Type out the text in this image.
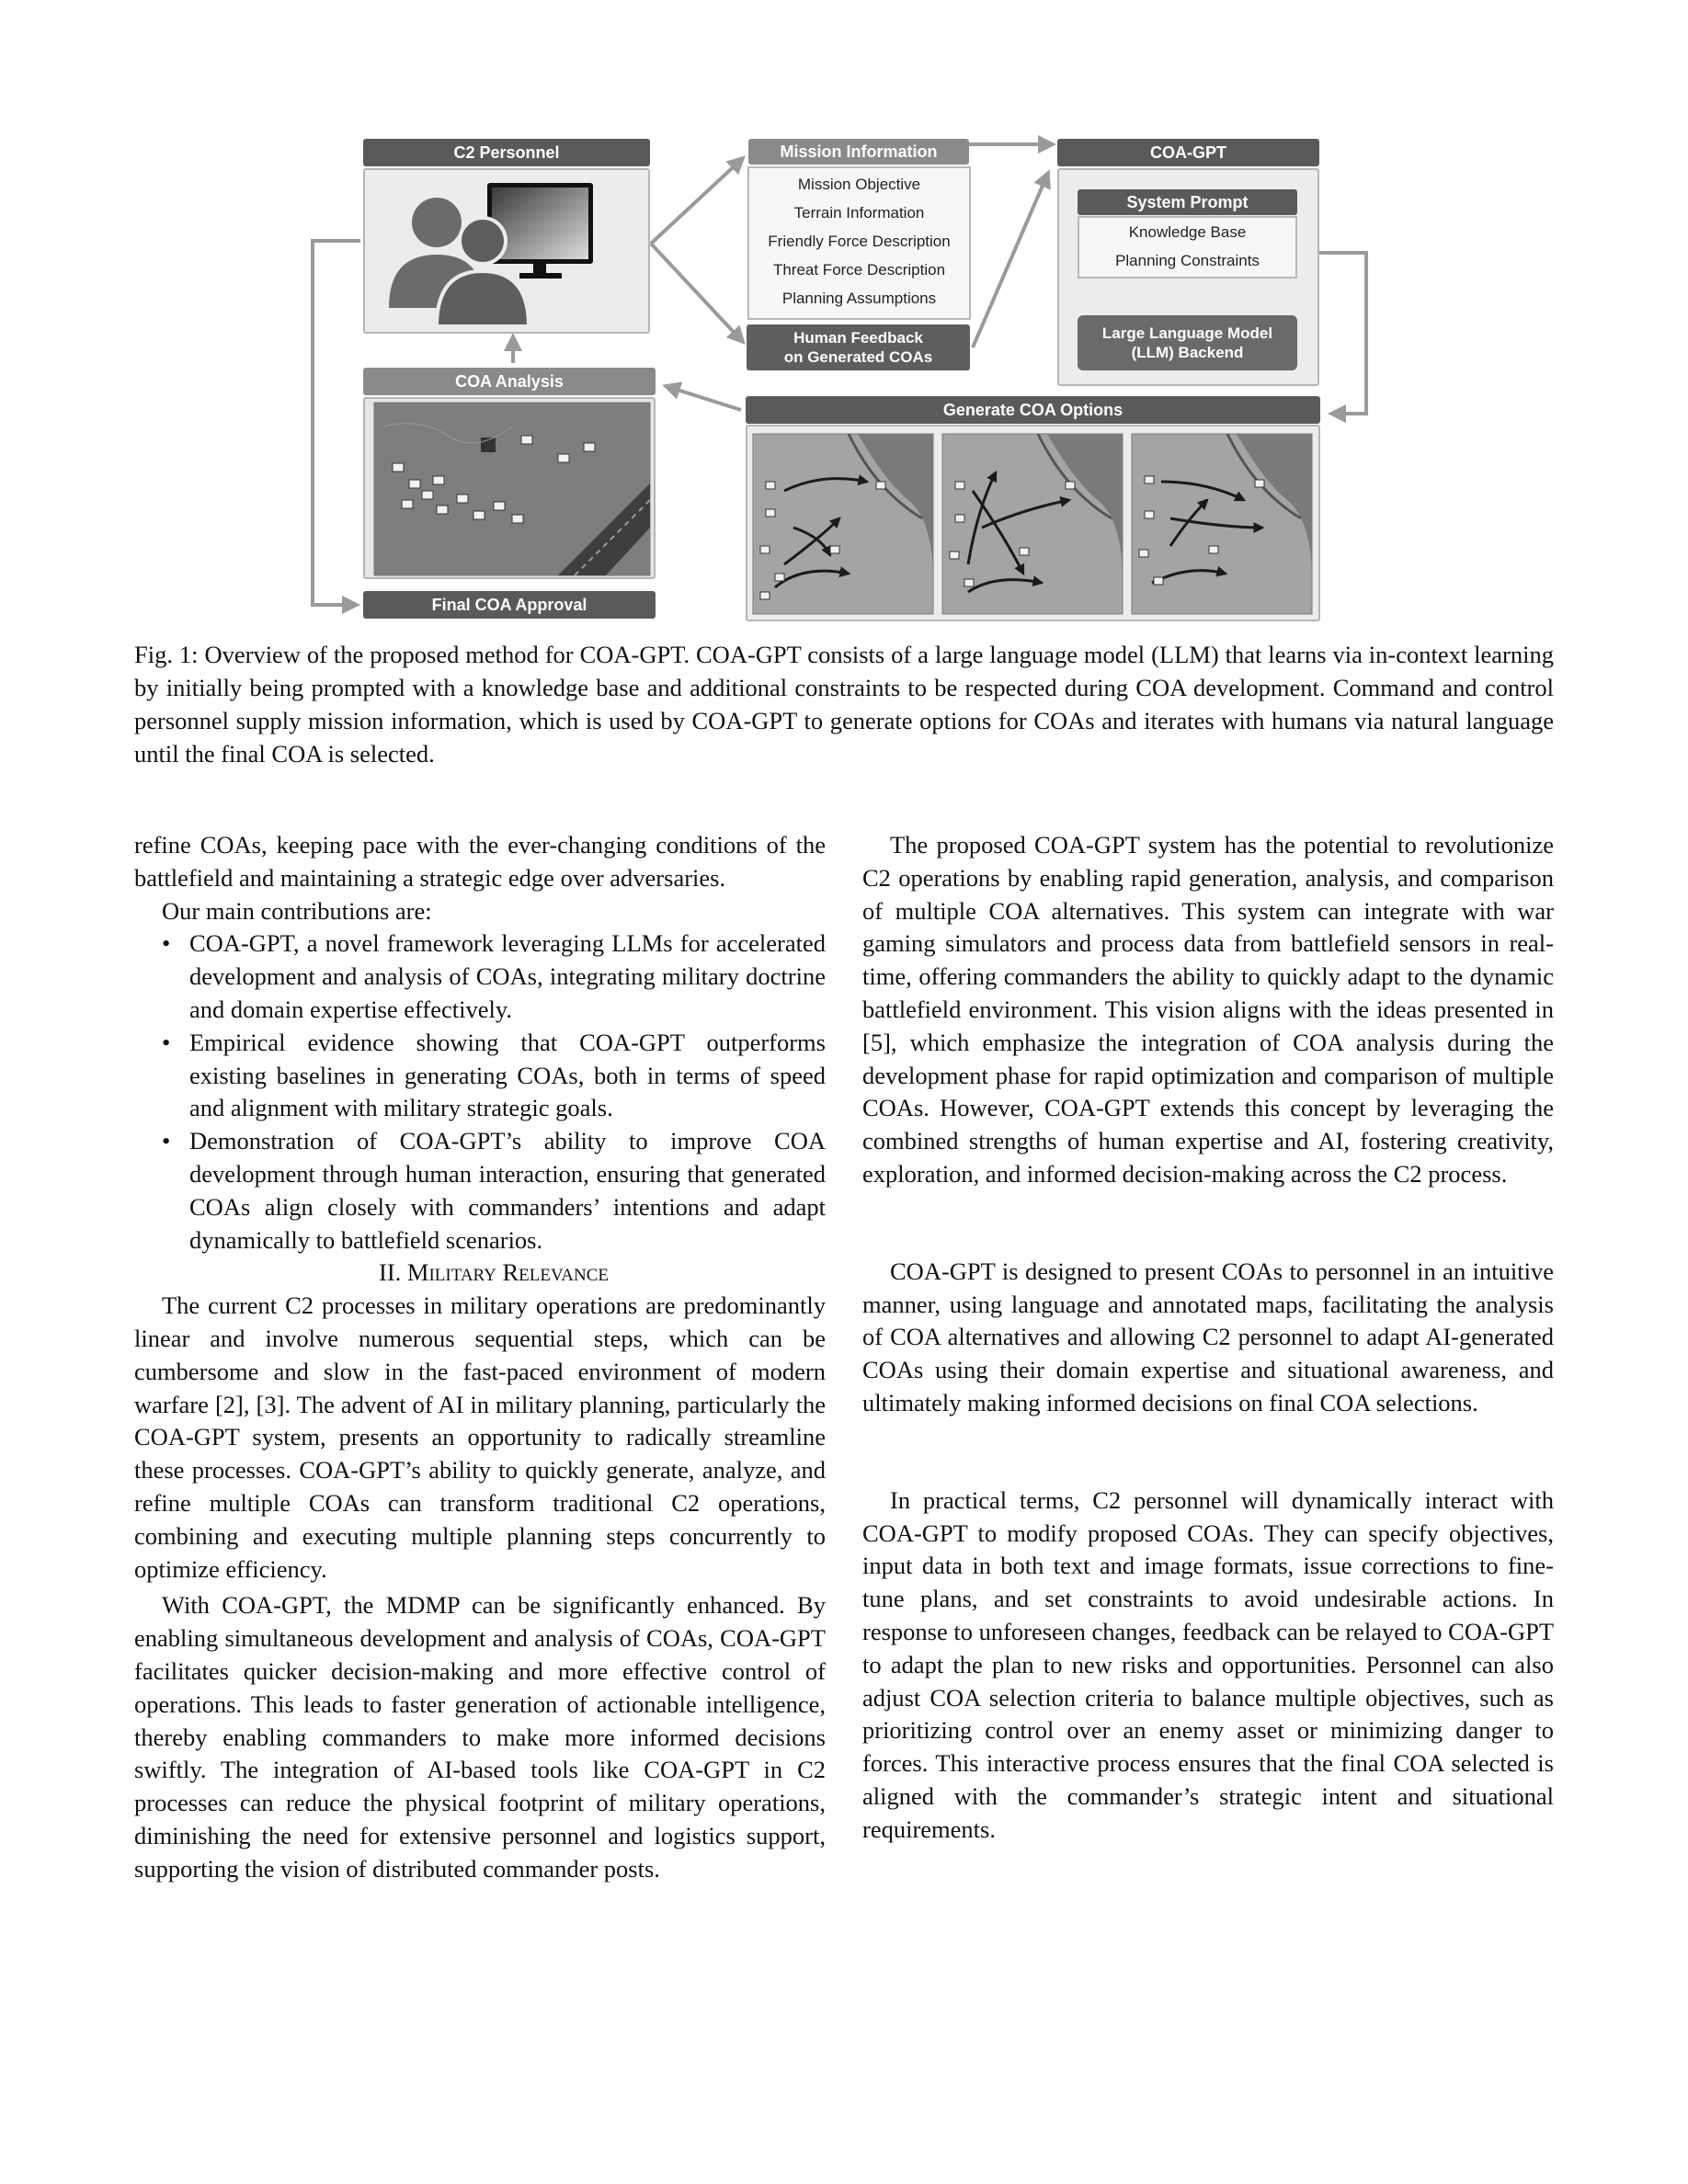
C2 Personnel	Mission Information
Mission Objective
Terrain Information
Friendly Force Description
Threat Force Description
Planning Assumptions
Human Feedback
on Generated COAs
COA-GPT
System Prompt
Knowledge Base
Planning Constraints
Large Language Model
(LLM) Backend
COA Analysis
Final COA Approval
Generate COA Options

Fig. 1: Overview of the proposed method for COA-GPT. COA-GPT consists of a large language model (LLM) that learns via in-context learning by initially being prompted with a knowledge base and additional constraints to be respected during COA development. Command and control personnel supply mission information, which is used by COA-GPT to generate options for COAs and iterates with humans via natural language until the final COA is selected.

refine COAs, keeping pace with the ever-changing conditions of the battlefield and maintaining a strategic edge over adversaries.

Our main contributions are:

• COA-GPT, a novel framework leveraging LLMs for accelerated development and analysis of COAs, integrating military doctrine and domain expertise effectively.
• Empirical evidence showing that COA-GPT outperforms existing baselines in generating COAs, both in terms of speed and alignment with military strategic goals.
• Demonstration of COA-GPT’s ability to improve COA development through human interaction, ensuring that generated COAs align closely with commanders’ intentions and adapt dynamically to battlefield scenarios.

II. Military Relevance

The current C2 processes in military operations are predominantly linear and involve numerous sequential steps, which can be cumbersome and slow in the fast-paced environment of modern warfare [2], [3]. The advent of AI in military planning, particularly the COA-GPT system, presents an opportunity to radically streamline these processes. COA-GPT’s ability to quickly generate, analyze, and refine multiple COAs can transform traditional C2 operations, combining and executing multiple planning steps concurrently to optimize efficiency.

With COA-GPT, the MDMP can be significantly enhanced. By enabling simultaneous development and analysis of COAs, COA-GPT facilitates quicker decision-making and more effective control of operations. This leads to faster generation of actionable intelligence, thereby enabling commanders to make more informed decisions swiftly. The integration of AI-based tools like COA-GPT in C2 processes can reduce the physical footprint of military operations, diminishing the need for extensive personnel and logistics support, supporting the vision of distributed commander posts.

The proposed COA-GPT system has the potential to revolutionize C2 operations by enabling rapid generation, analysis, and comparison of multiple COA alternatives. This system can integrate with war gaming simulators and process data from battlefield sensors in real-time, offering commanders the ability to quickly adapt to the dynamic battlefield environment. This vision aligns with the ideas presented in [5], which emphasize the integration of COA analysis during the development phase for rapid optimization and comparison of multiple COAs. However, COA-GPT extends this concept by leveraging the combined strengths of human expertise and AI, fostering creativity, exploration, and informed decision-making across the C2 process.

COA-GPT is designed to present COAs to personnel in an intuitive manner, using language and annotated maps, facilitating the analysis of COA alternatives and allowing C2 personnel to adapt AI-generated COAs using their domain expertise and situational awareness, and ultimately making informed decisions on final COA selections.

In practical terms, C2 personnel will dynamically interact with COA-GPT to modify proposed COAs. They can specify objectives, input data in both text and image formats, issue corrections to fine-tune plans, and set constraints to avoid undesirable actions. In response to unforeseen changes, feedback can be relayed to COA-GPT to adapt the plan to new risks and opportunities. Personnel can also adjust COA selection criteria to balance multiple objectives, such as prioritizing control over an enemy asset or minimizing danger to forces. This interactive process ensures that the final COA selected is aligned with the commander’s strategic intent and situational requirements.
